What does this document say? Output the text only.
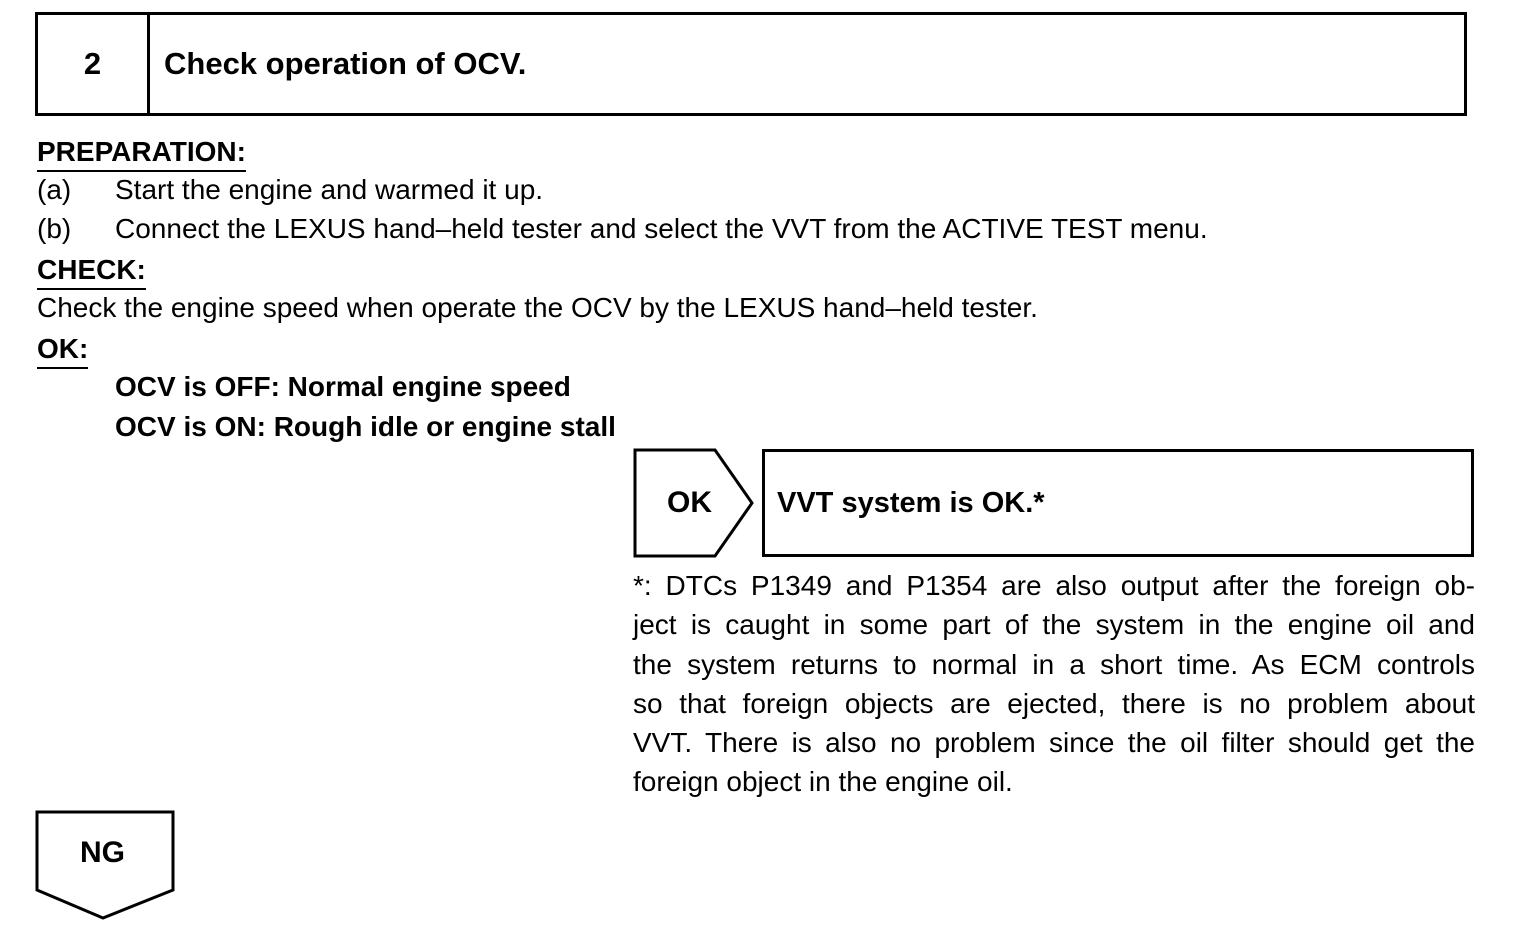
2	Check operation of OCV.
PREPARATION:
(a) Start the engine and warmed it up.
(b) Connect the LEXUS hand–held tester and select the VVT from the ACTIVE TEST menu.
CHECK:
Check the engine speed when operate the OCV by the LEXUS hand–held tester.
OK:
OCV is OFF: Normal engine speed
OCV is ON: Rough idle or engine stall
OK VVT system is OK.*
*: DTCs P1349 and P1354 are also output after the foreign ob-
ject is caught in some part of the system in the engine oil and
the system returns to normal in a short time. As ECM controls
so that foreign objects are ejected, there is no problem about
VVT. There is also no problem since the oil filter should get the
foreign object in the engine oil.
NG
